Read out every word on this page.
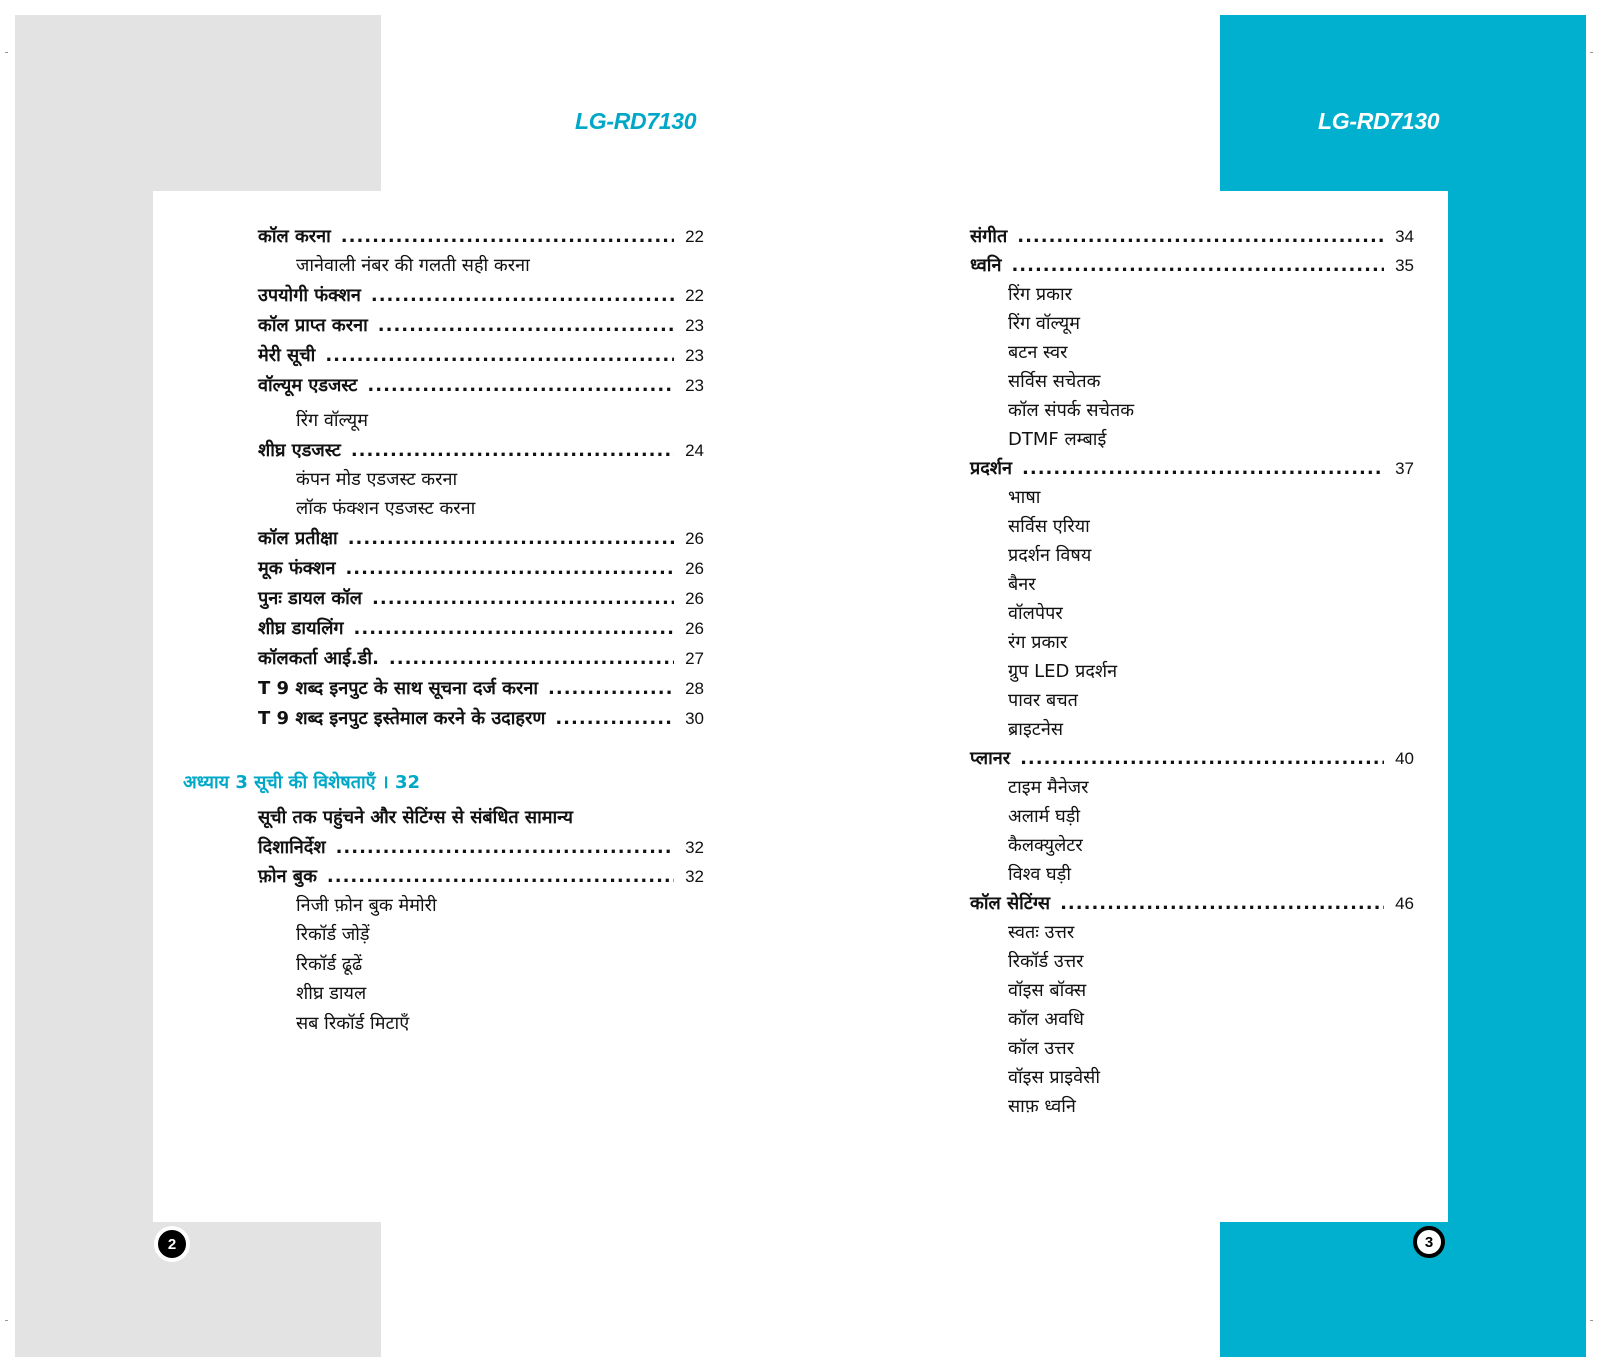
LG-RD7130	LG-RD7130
कॉल करना .....	22
जानेवाली नंबर की गलती सही करना
उपयोगी फंक्शन .....	22
कॉल प्राप्त करना .....	23
मेरी सूची .....	23
वॉल्यूम एडजस्ट .....	23
रिंग वॉल्यूम
शीघ्र एडजस्ट .....	24
कंपन मोड एडजस्ट करना
लॉक फंक्शन एडजस्ट करना
कॉल प्रतीक्षा .....	26
मूक फंक्शन .....	26
पुनः डायल कॉल .....	26
शीघ्र डायलिंग .....	26
कॉलकर्ता आई.डी. .....	27
T 9 शब्द इनपुट के साथ सूचना दर्ज करना .....	28
T 9 शब्द इनपुट इस्तेमाल करने के उदाहरण .....	30
अध्याय 3 सूची की विशेषताएँ । 32
सूची तक पहुंचने और सेटिंग्स से संबंधित सामान्य
दिशानिर्देश .....	32
फ़ोन बुक .....	32
निजी फ़ोन बुक मेमोरी
रिकॉर्ड जोड़ें
रिकॉर्ड ढूढें
शीघ्र डायल
सब रिकॉर्ड मिटाएँ
संगीत .....	34
ध्वनि .....	35
रिंग प्रकार
रिंग वॉल्यूम
बटन स्वर
सर्विस सचेतक
कॉल संपर्क सचेतक
DTMF लम्बाई
प्रदर्शन .....	37
भाषा
सर्विस एरिया
प्रदर्शन विषय
बैनर
वॉलपेपर
रंग प्रकार
ग्रुप LED प्रदर्शन
पावर बचत
ब्राइटनेस
प्लानर .....	40
टाइम मैनेजर
अलार्म घड़ी
कैलक्युलेटर
विश्व घड़ी
कॉल सेटिंग्स .....	46
स्वतः उत्तर
रिकॉर्ड उत्तर
वॉइस बॉक्स
कॉल अवधि
कॉल उत्तर
वॉइस प्राइवेसी
साफ़ ध्वनि
2	3
